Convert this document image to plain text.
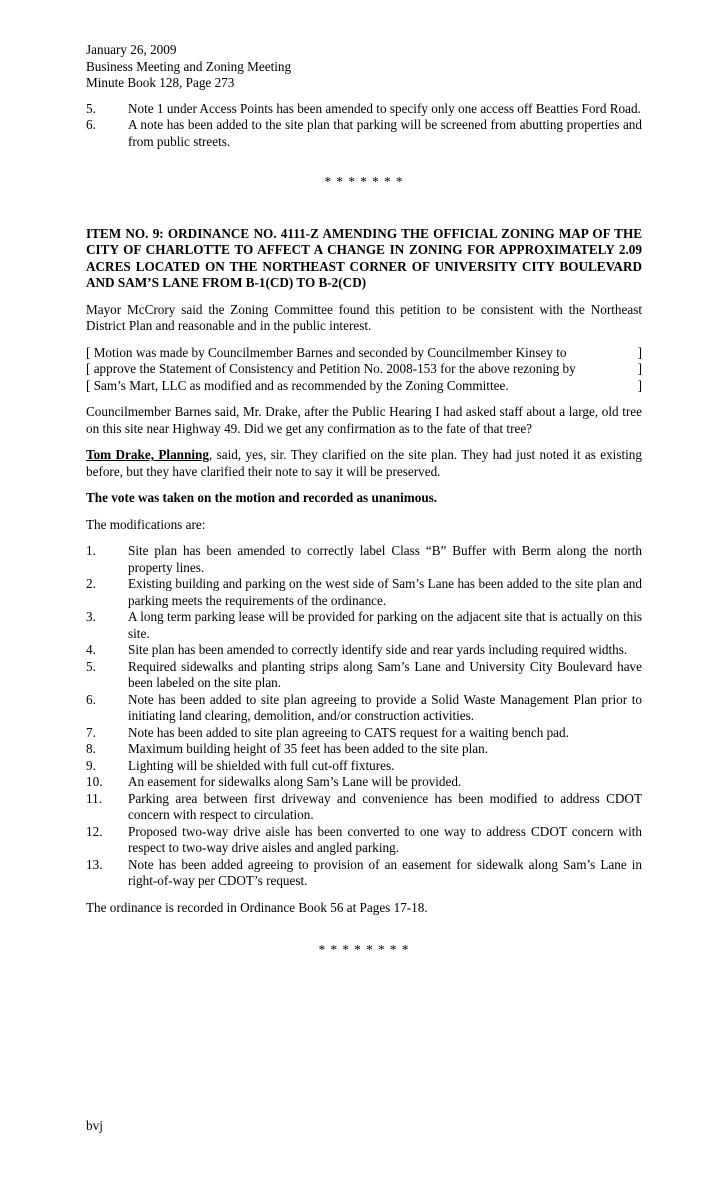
January 26, 2009
Business Meeting and Zoning Meeting
Minute Book 128, Page 273
5. Note 1 under Access Points has been amended to specify only one access off Beatties Ford Road.
6. A note has been added to the site plan that parking will be screened from abutting properties and from public streets.

* * * * * * *

ITEM NO. 9: ORDINANCE NO. 4111-Z AMENDING THE OFFICIAL ZONING MAP OF THE CITY OF CHARLOTTE TO AFFECT A CHANGE IN ZONING FOR APPROXIMATELY 2.09 ACRES LOCATED ON THE NORTHEAST CORNER OF UNIVERSITY CITY BOULEVARD AND SAM’S LANE FROM B-1(CD) TO B-2(CD)

Mayor McCrory said the Zoning Committee found this petition to be consistent with the Northeast District Plan and reasonable and in the public interest.

[ Motion was made by Councilmember Barnes and seconded by Councilmember Kinsey to	]
[ approve the Statement of Consistency and Petition No. 2008-153 for the above rezoning by	]
[ Sam’s Mart, LLC as modified and as recommended by the Zoning Committee.	]

Councilmember Barnes said, Mr. Drake, after the Public Hearing I had asked staff about a large, old tree on this site near Highway 49. Did we get any confirmation as to the fate of that tree?

Tom Drake, Planning, said, yes, sir. They clarified on the site plan. They had just noted it as existing before, but they have clarified their note to say it will be preserved.

The vote was taken on the motion and recorded as unanimous.

The modifications are:

1. Site plan has been amended to correctly label Class “B” Buffer with Berm along the north property lines.
2. Existing building and parking on the west side of Sam’s Lane has been added to the site plan and parking meets the requirements of the ordinance.
3. A long term parking lease will be provided for parking on the adjacent site that is actually on this site.
4. Site plan has been amended to correctly identify side and rear yards including required widths.
5. Required sidewalks and planting strips along Sam’s Lane and University City Boulevard have been labeled on the site plan.
6. Note has been added to site plan agreeing to provide a Solid Waste Management Plan prior to initiating land clearing, demolition, and/or construction activities.
7. Note has been added to site plan agreeing to CATS request for a waiting bench pad.
8. Maximum building height of 35 feet has been added to the site plan.
9. Lighting will be shielded with full cut-off fixtures.
10. An easement for sidewalks along Sam’s Lane will be provided.
11. Parking area between first driveway and convenience has been modified to address CDOT concern with respect to circulation.
12. Proposed two-way drive aisle has been converted to one way to address CDOT concern with respect to two-way drive aisles and angled parking.
13. Note has been added agreeing to provision of an easement for sidewalk along Sam’s Lane in right-of-way per CDOT’s request.

The ordinance is recorded in Ordinance Book 56 at Pages 17-18.

* * * * * * * *

bvj
